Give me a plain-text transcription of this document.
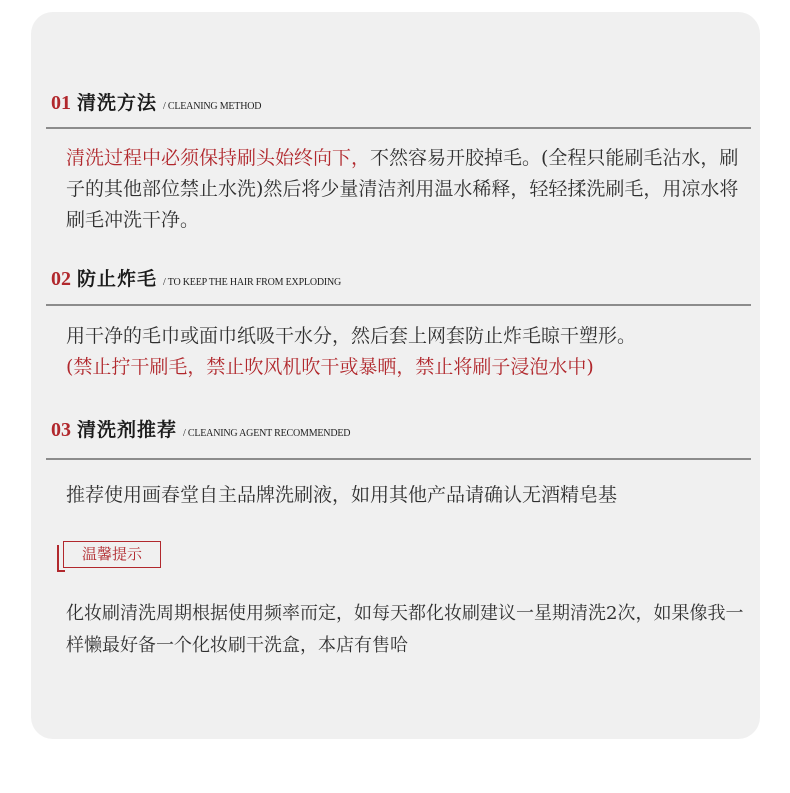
01 清洗方法 / CLEANING METHOD
清洗过程中必须保持刷头始终向下，不然容易开胶掉毛。(全程只能刷毛沾水，刷子的其他部位禁止水洗)然后将少量清洁剂用温水稀释，轻轻揉洗刷毛，用凉水将刷毛冲洗干净。
02 防止炸毛 / TO KEEP THE HAIR FROM EXPLODING
用干净的毛巾或面巾纸吸干水分，然后套上网套防止炸毛晾干塑形。
(禁止拧干刷毛，禁止吹风机吹干或暴晒，禁止将刷子浸泡水中)
03 清洗剂推荐 / CLEANING AGENT RECOMMENDED
推荐使用画春堂自主品牌洗刷液，如用其他产品请确认无酒精皂基
温馨提示
化妆刷清洗周期根据使用频率而定，如每天都化妆刷建议一星期清洗2次，如果像我一样懒最好备一个化妆刷干洗盒，本店有售哈
